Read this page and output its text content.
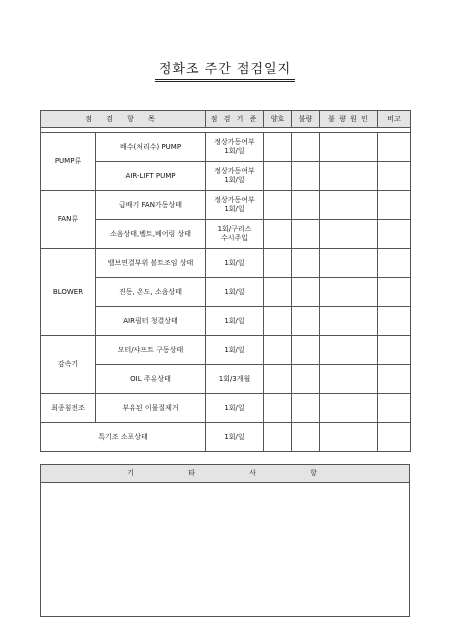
정화조 주간 점검일지
점 검 항 목		점 검 기 준	양호	불량	불 량 원 인	비고

PUMP류	배수(처리수) PUMP	정상가동여부
1회/일				
	AIR-LIFT PUMP	정상가동여부
1회/일				
FAN류	급배기 FAN가동상태	정상가동여부
1회/일				
	소음상태,벨트,베어링 상태	1회/구리스
수시주입				
BLOWER	밸브연결부위 볼트조임 상태	1회/일				
	진동, 온도, 소음상태	1회/일				
	AIR필터 청결상태	1회/일				
감속기	모터/샤프트 구동상태	1회/일				
	OIL 주유상태	1회/3개월				
최종침전조	부유된 이물질제거	1회/일				
특기조 소포상태		1회/일				
기 타 사 항
